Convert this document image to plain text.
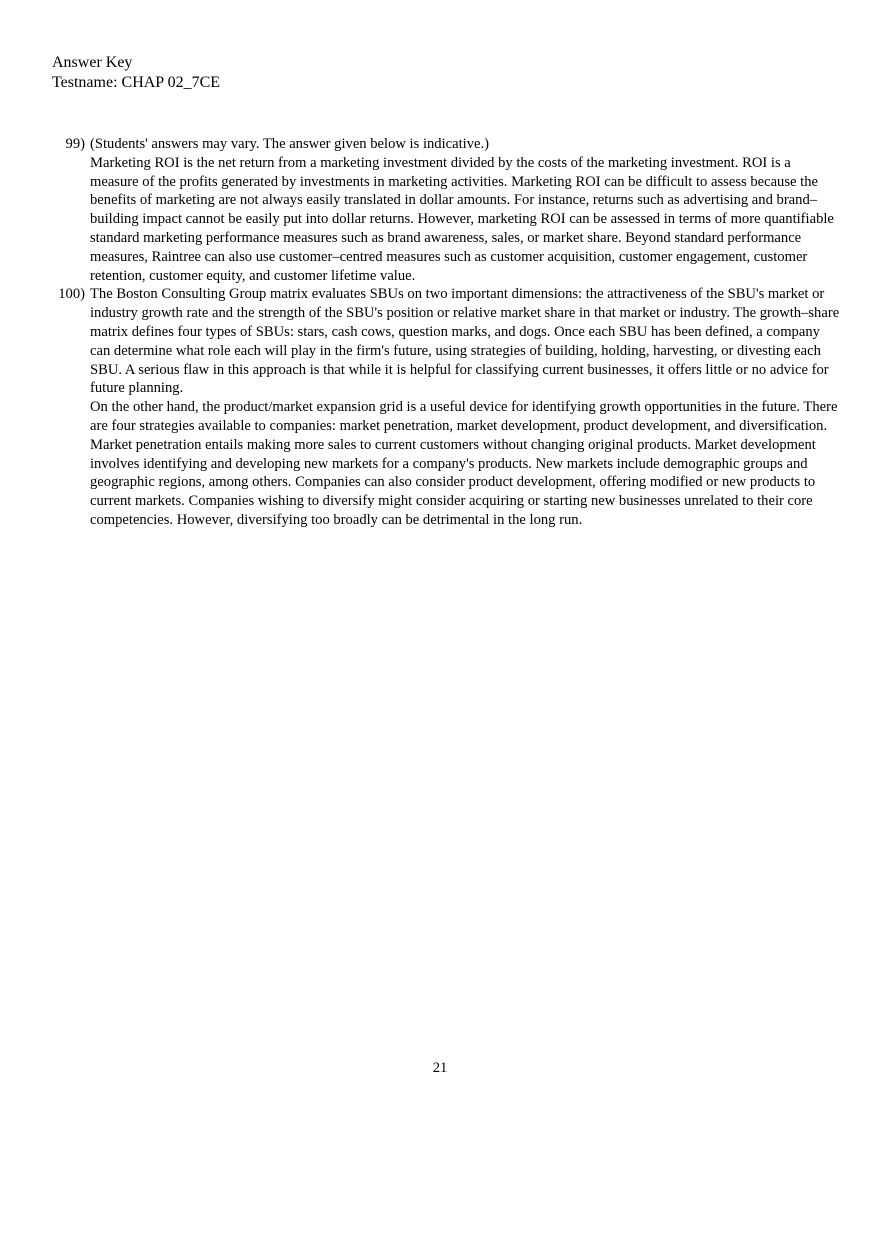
Answer Key
Testname: CHAP 02_7CE
99) (Students' answers may vary. The answer given below is indicative.)

Marketing ROI is the net return from a marketing investment divided by the costs of the marketing investment. ROI is a measure of the profits generated by investments in marketing activities. Marketing ROI can be difficult to assess because the benefits of marketing are not always easily translated in dollar amounts. For instance, returns such as advertising and brand–building impact cannot be easily put into dollar returns. However, marketing ROI can be assessed in terms of more quantifiable standard marketing performance measures such as brand awareness, sales, or market share. Beyond standard performance measures, Raintree can also use customer–centred measures such as customer acquisition, customer engagement, customer retention, customer equity, and customer lifetime value.

100) The Boston Consulting Group matrix evaluates SBUs on two important dimensions: the attractiveness of the SBU's market or industry growth rate and the strength of the SBU's position or relative market share in that market or industry. The growth–share matrix defines four types of SBUs: stars, cash cows, question marks, and dogs. Once each SBU has been defined, a company can determine what role each will play in the firm's future, using strategies of building, holding, harvesting, or divesting each SBU. A serious flaw in this approach is that while it is helpful for classifying current businesses, it offers little or no advice for future planning.

On the other hand, the product/market expansion grid is a useful device for identifying growth opportunities in the future. There are four strategies available to companies: market penetration, market development, product development, and diversification. Market penetration entails making more sales to current customers without changing original products. Market development involves identifying and developing new markets for a company's products. New markets include demographic groups and geographic regions, among others. Companies can also consider product development, offering modified or new products to current markets. Companies wishing to diversify might consider acquiring or starting new businesses unrelated to their core competencies. However, diversifying too broadly can be detrimental in the long run.

21
